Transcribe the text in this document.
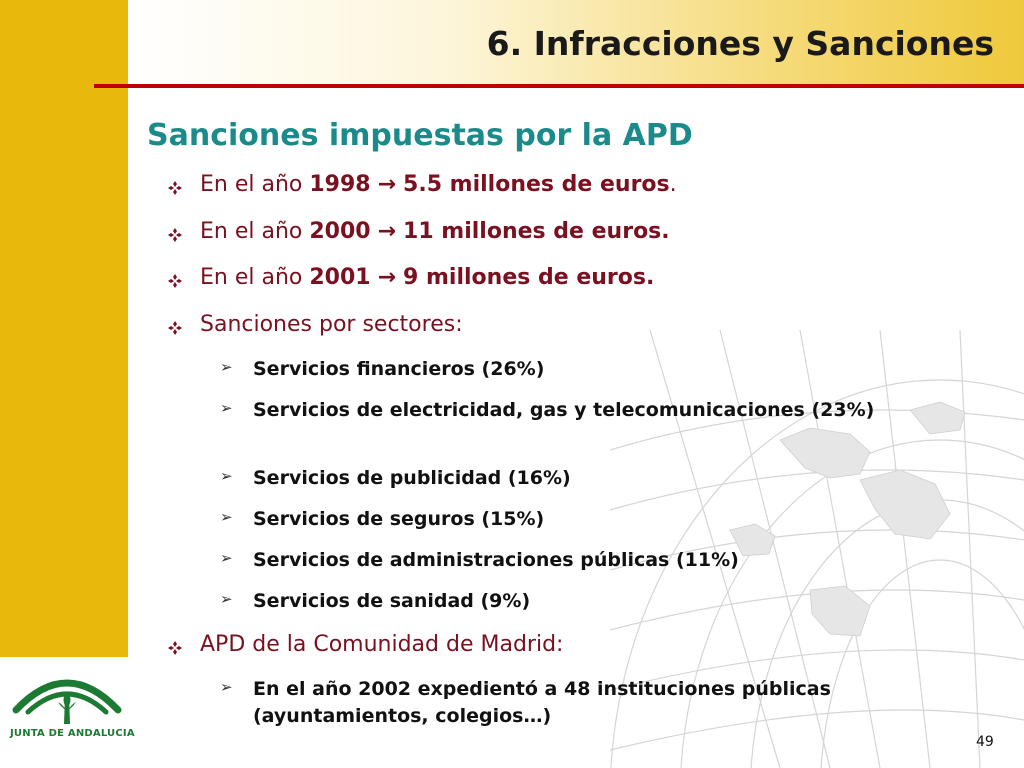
6. Infracciones y Sanciones
Sanciones impuestas por la APD
En el año 1998 → 5.5 millones de euros.
En el año 2000 → 11 millones de euros.
En el año 2001 → 9 millones de euros.
Sanciones por sectores:
➢ Servicios financieros (26%)
➢ Servicios de electricidad, gas y telecomunicaciones (23%)
➢ Servicios de publicidad (16%)
➢ Servicios de seguros (15%)
➢ Servicios de administraciones públicas (11%)
➢ Servicios de sanidad (9%)
APD de la Comunidad de Madrid:
➢ En el año 2002 expedientó a 48 instituciones públicas (ayuntamientos, colegios…)
JUNTA DE ANDALUCIA
49
